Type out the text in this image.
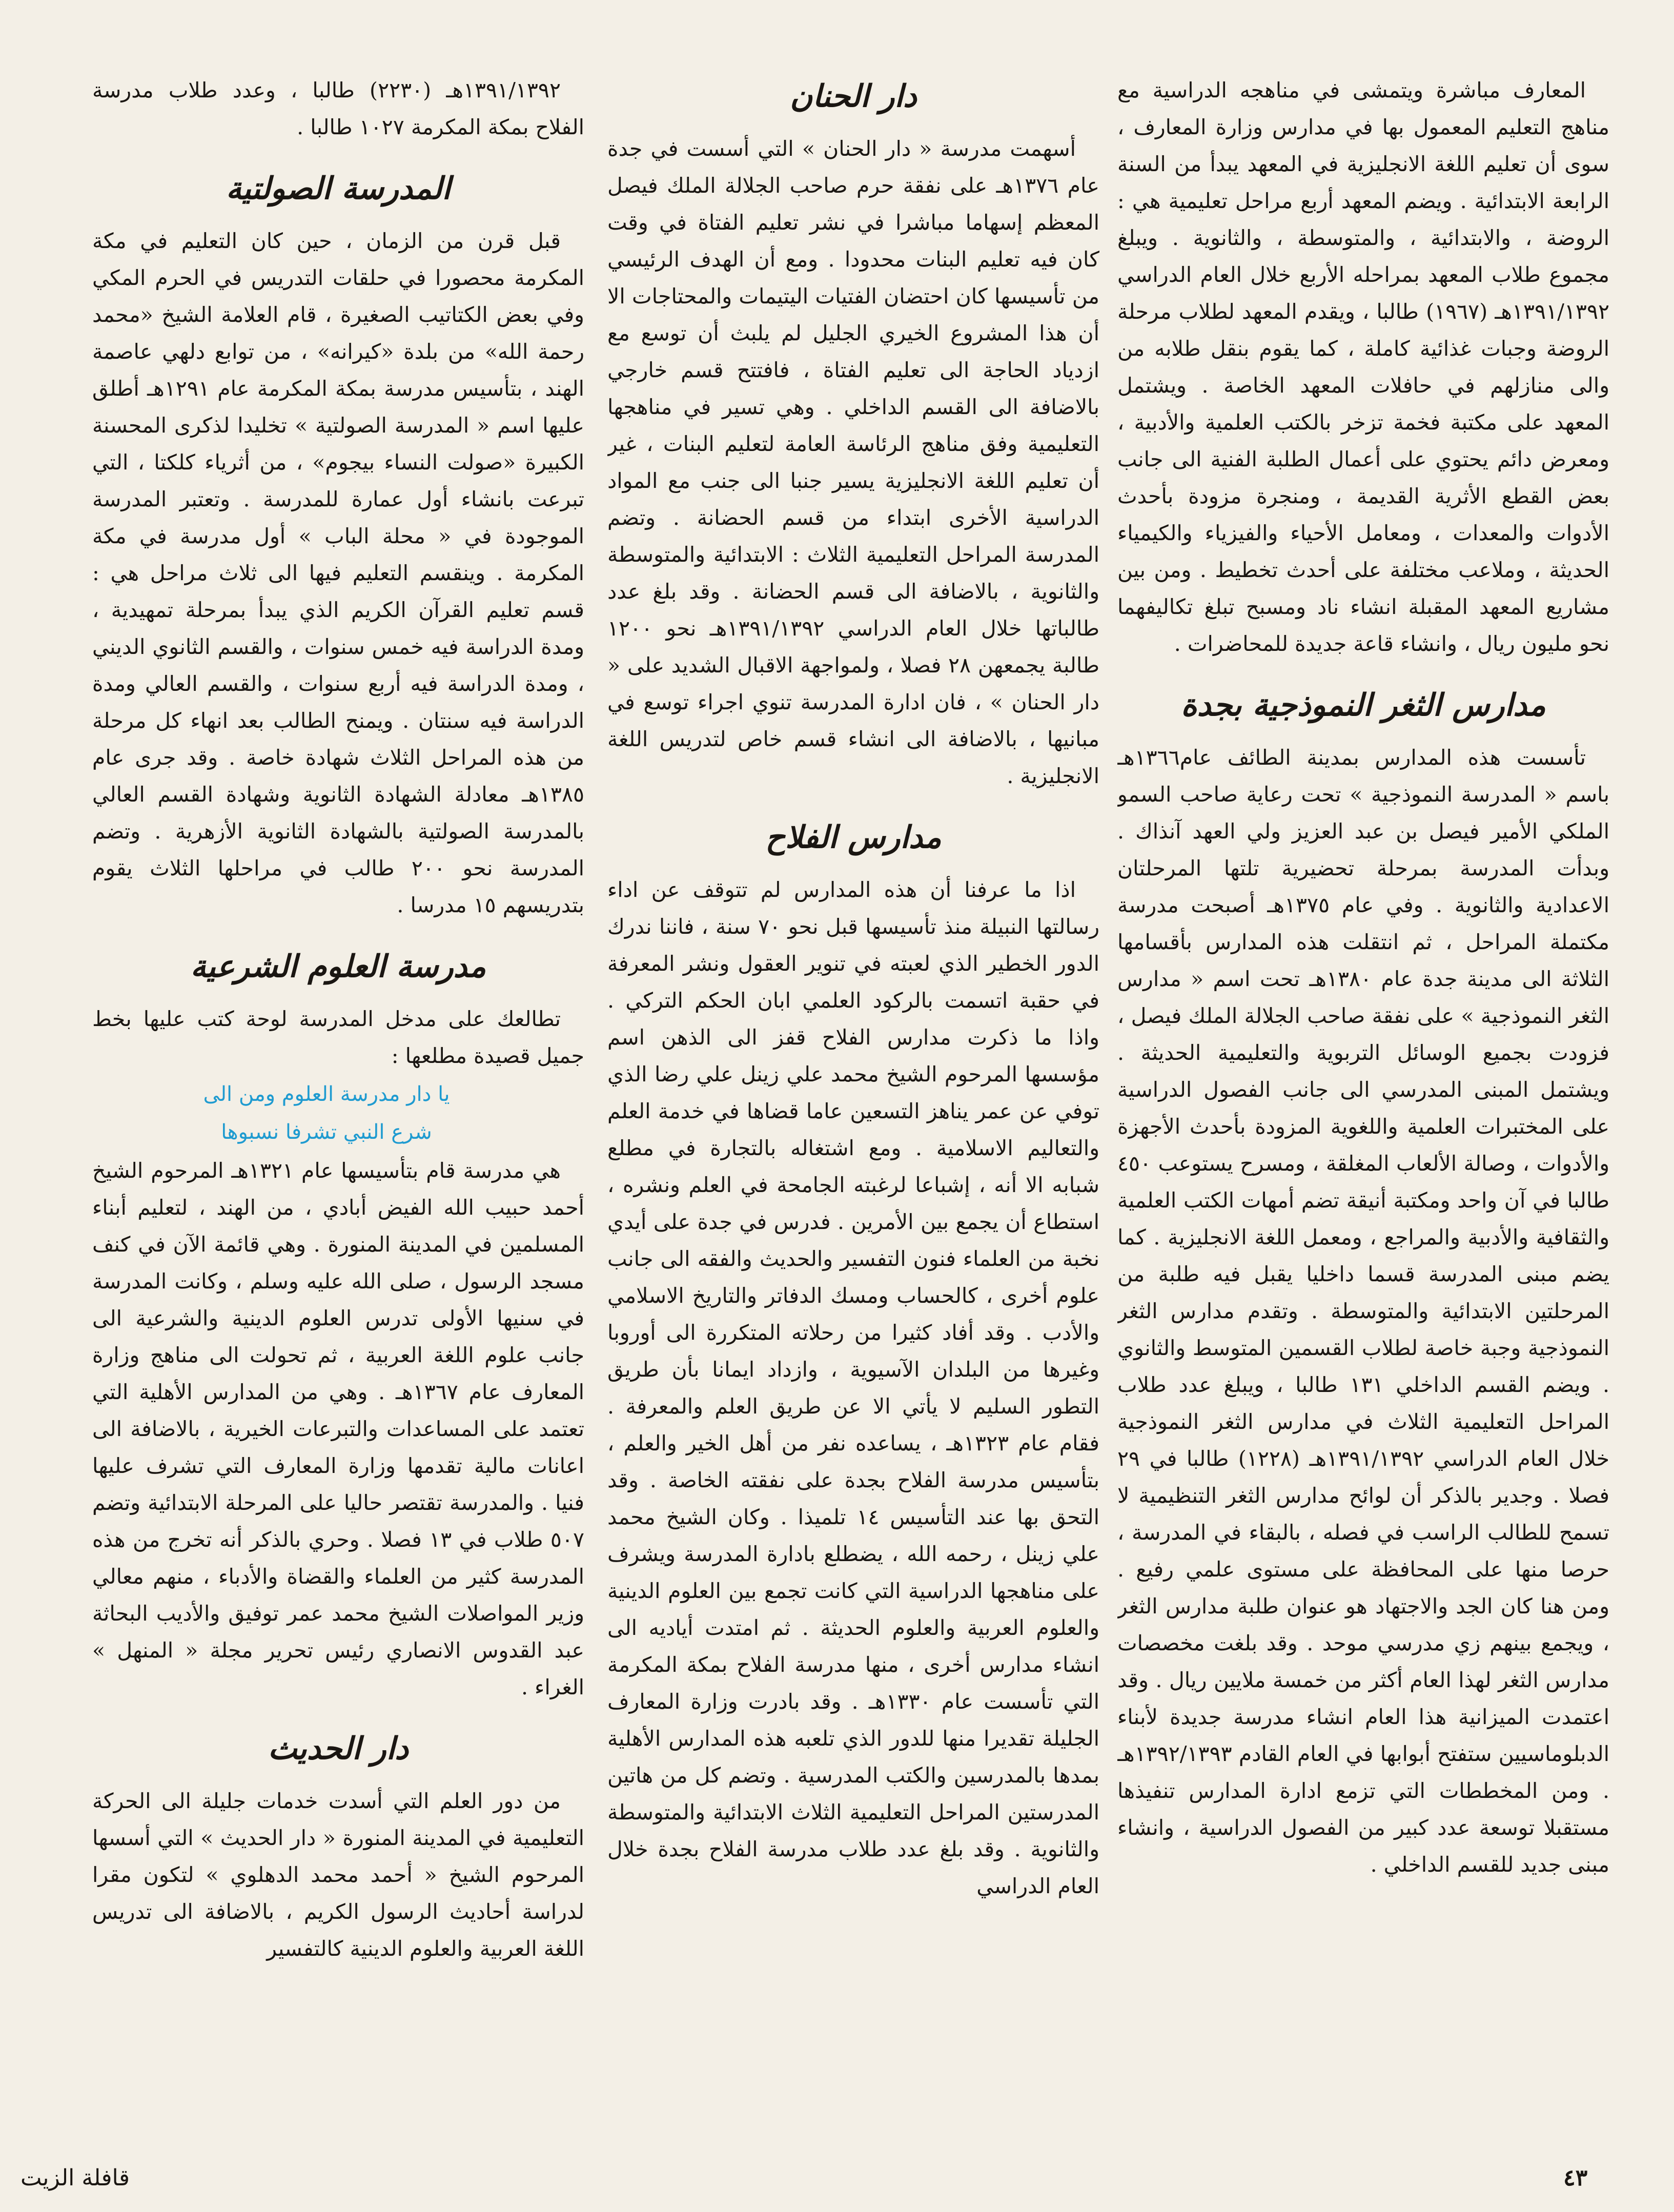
المعارف مباشرة ويتمشى في مناهجه الدراسية مع مناهج التعليم المعمول بها في مدارس وزارة المعارف ، سوى أن تعليم اللغة الانجليزية في المعهد يبدأ من السنة الرابعة الابتدائية . ويضم المعهد أربع مراحل تعليمية هي : الروضة ، والابتدائية ، والمتوسطة ، والثانوية . ويبلغ مجموع طلاب المعهد بمراحله الأربع خلال العام الدراسي ١٣٩١/١٣٩٢هـ (١٩٦٧) طالبا ، ويقدم المعهد لطلاب مرحلة الروضة وجبات غذائية كاملة ، كما يقوم بنقل طلابه من والى منازلهم في حافلات المعهد الخاصة . ويشتمل المعهد على مكتبة فخمة تزخر بالكتب العلمية والأدبية ، ومعرض دائم يحتوي على أعمال الطلبة الفنية الى جانب بعض القطع الأثرية القديمة ، ومنجرة مزودة بأحدث الأدوات والمعدات ، ومعامل الأحياء والفيزياء والكيمياء الحديثة ، وملاعب مختلفة على أحدث تخطيط . ومن بين مشاريع المعهد المقبلة انشاء ناد ومسبح تبلغ تكاليفهما نحو مليون ريال ، وانشاء قاعة جديدة للمحاضرات .

مدارس الثغر النموذجية بجدة

تأسست هذه المدارس بمدينة الطائف عام١٣٦٦هـ باسم « المدرسة النموذجية » تحت رعاية صاحب السمو الملكي الأمير فيصل بن عبد العزيز ولي العهد آنذاك . وبدأت المدرسة بمرحلة تحضيرية تلتها المرحلتان الاعدادية والثانوية . وفي عام ١٣٧٥هـ أصبحت مدرسة مكتملة المراحل ، ثم انتقلت هذه المدارس بأقسامها الثلاثة الى مدينة جدة عام ١٣٨٠هـ تحت اسم « مدارس الثغر النموذجية » على نفقة صاحب الجلالة الملك فيصل ، فزودت بجميع الوسائل التربوية والتعليمية الحديثة . ويشتمل المبنى المدرسي الى جانب الفصول الدراسية على المختبرات العلمية واللغوية المزودة بأحدث الأجهزة والأدوات ، وصالة الألعاب المغلقة ، ومسرح يستوعب ٤٥٠ طالبا في آن واحد ومكتبة أنيقة تضم أمهات الكتب العلمية والثقافية والأدبية والمراجع ، ومعمل اللغة الانجليزية . كما يضم مبنى المدرسة قسما داخليا يقبل فيه طلبة من المرحلتين الابتدائية والمتوسطة . وتقدم مدارس الثغر النموذجية وجبة خاصة لطلاب القسمين المتوسط والثانوي . ويضم القسم الداخلي ١٣١ طالبا ، ويبلغ عدد طلاب المراحل التعليمية الثلاث في مدارس الثغر النموذجية خلال العام الدراسي ١٣٩١/١٣٩٢هـ (١٢٢٨) طالبا في ٢٩ فصلا . وجدير بالذكر أن لوائح مدارس الثغر التنظيمية لا تسمح للطالب الراسب في فصله ، بالبقاء في المدرسة ، حرصا منها على المحافظة على مستوى علمي رفيع . ومن هنا كان الجد والاجتهاد هو عنوان طلبة مدارس الثغر ، ويجمع بينهم زي مدرسي موحد . وقد بلغت مخصصات مدارس الثغر لهذا العام أكثر من خمسة ملايين ريال . وقد اعتمدت الميزانية هذا العام انشاء مدرسة جديدة لأبناء الدبلوماسيين ستفتح أبوابها في العام القادم ١٣٩٢/١٣٩٣هـ . ومن المخططات التي تزمع ادارة المدارس تنفيذها مستقبلا توسعة عدد كبير من الفصول الدراسية ، وانشاء مبنى جديد للقسم الداخلي .

دار الحنان

أسهمت مدرسة « دار الحنان » التي أسست في جدة عام ١٣٧٦هـ على نفقة حرم صاحب الجلالة الملك فيصل المعظم إسهاما مباشرا في نشر تعليم الفتاة في وقت كان فيه تعليم البنات محدودا . ومع أن الهدف الرئيسي من تأسيسها كان احتضان الفتيات اليتيمات والمحتاجات الا أن هذا المشروع الخيري الجليل لم يلبث أن توسع مع ازدياد الحاجة الى تعليم الفتاة ، فافتتح قسم خارجي بالاضافة الى القسم الداخلي . وهي تسير في مناهجها التعليمية وفق مناهج الرئاسة العامة لتعليم البنات ، غير أن تعليم اللغة الانجليزية يسير جنبا الى جنب مع المواد الدراسية الأخرى ابتداء من قسم الحضانة . وتضم المدرسة المراحل التعليمية الثلاث : الابتدائية والمتوسطة والثانوية ، بالاضافة الى قسم الحضانة . وقد بلغ عدد طالباتها خلال العام الدراسي ١٣٩١/١٣٩٢هـ نحو ١٢٠٠ طالبة يجمعهن ٢٨ فصلا ، ولمواجهة الاقبال الشديد على « دار الحنان » ، فان ادارة المدرسة تنوي اجراء توسع في مبانيها ، بالاضافة الى انشاء قسم خاص لتدريس اللغة الانجليزية .

مدارس الفلاح

اذا ما عرفنا أن هذه المدارس لم تتوقف عن اداء رسالتها النبيلة منذ تأسيسها قبل نحو ٧٠ سنة ، فاننا ندرك الدور الخطير الذي لعبته في تنوير العقول ونشر المعرفة في حقبة اتسمت بالركود العلمي ابان الحكم التركي . واذا ما ذكرت مدارس الفلاح قفز الى الذهن اسم مؤسسها المرحوم الشيخ محمد علي زينل علي رضا الذي توفي عن عمر يناهز التسعين عاما قضاها في خدمة العلم والتعاليم الاسلامية . ومع اشتغاله بالتجارة في مطلع شبابه الا أنه ، إشباعا لرغبته الجامحة في العلم ونشره ، استطاع أن يجمع بين الأمرين . فدرس في جدة على أيدي نخبة من العلماء فنون التفسير والحديث والفقه الى جانب علوم أخرى ، كالحساب ومسك الدفاتر والتاريخ الاسلامي والأدب . وقد أفاد كثيرا من رحلاته المتكررة الى أوروبا وغيرها من البلدان الآسيوية ، وازداد ايمانا بأن طريق التطور السليم لا يأتي الا عن طريق العلم والمعرفة . فقام عام ١٣٢٣هـ ، يساعده نفر من أهل الخير والعلم ، بتأسيس مدرسة الفلاح بجدة على نفقته الخاصة . وقد التحق بها عند التأسيس ١٤ تلميذا . وكان الشيخ محمد علي زينل ، رحمه الله ، يضطلع بادارة المدرسة ويشرف على مناهجها الدراسية التي كانت تجمع بين العلوم الدينية والعلوم العربية والعلوم الحديثة . ثم امتدت أياديه الى انشاء مدارس أخرى ، منها مدرسة الفلاح بمكة المكرمة التي تأسست عام ١٣٣٠هـ . وقد بادرت وزارة المعارف الجليلة تقديرا منها للدور الذي تلعبه هذه المدارس الأهلية بمدها بالمدرسين والكتب المدرسية . وتضم كل من هاتين المدرستين المراحل التعليمية الثلاث الابتدائية والمتوسطة والثانوية . وقد بلغ عدد طلاب مدرسة الفلاح بجدة خلال العام الدراسي

١٣٩١/١٣٩٢هـ (٢٢٣٠) طالبا ، وعدد طلاب مدرسة الفلاح بمكة المكرمة ١٠٢٧ طالبا .

المدرسة الصولتية

قبل قرن من الزمان ، حين كان التعليم في مكة المكرمة محصورا في حلقات التدريس في الحرم المكي وفي بعض الكتاتيب الصغيرة ، قام العلامة الشيخ «محمد رحمة الله» من بلدة «كيرانه» ، من توابع دلهي عاصمة الهند ، بتأسيس مدرسة بمكة المكرمة عام ١٢٩١هـ أطلق عليها اسم « المدرسة الصولتية » تخليدا لذكرى المحسنة الكبيرة «صولت النساء بيجوم» ، من أثرياء كلكتا ، التي تبرعت بانشاء أول عمارة للمدرسة . وتعتبر المدرسة الموجودة في « محلة الباب » أول مدرسة في مكة المكرمة . وينقسم التعليم فيها الى ثلاث مراحل هي : قسم تعليم القرآن الكريم الذي يبدأ بمرحلة تمهيدية ، ومدة الدراسة فيه خمس سنوات ، والقسم الثانوي الديني ، ومدة الدراسة فيه أربع سنوات ، والقسم العالي ومدة الدراسة فيه سنتان . ويمنح الطالب بعد انهاء كل مرحلة من هذه المراحل الثلاث شهادة خاصة . وقد جرى عام ١٣٨٥هـ معادلة الشهادة الثانوية وشهادة القسم العالي بالمدرسة الصولتية بالشهادة الثانوية الأزهرية . وتضم المدرسة نحو ٢٠٠ طالب في مراحلها الثلاث يقوم بتدريسهم ١٥ مدرسا .

مدرسة العلوم الشرعية

تطالعك على مدخل المدرسة لوحة كتب عليها بخط جميل قصيدة مطلعها :

يا دار مدرسة العلوم ومن الى

شرع النبي تشرفا نسبوها

هي مدرسة قام بتأسيسها عام ١٣٢١هـ المرحوم الشيخ أحمد حبيب الله الفيض أبادي ، من الهند ، لتعليم أبناء المسلمين في المدينة المنورة . وهي قائمة الآن في كنف مسجد الرسول ، صلى الله عليه وسلم ، وكانت المدرسة في سنيها الأولى تدرس العلوم الدينية والشرعية الى جانب علوم اللغة العربية ، ثم تحولت الى مناهج وزارة المعارف عام ١٣٦٧هـ . وهي من المدارس الأهلية التي تعتمد على المساعدات والتبرعات الخيرية ، بالاضافة الى اعانات مالية تقدمها وزارة المعارف التي تشرف عليها فنيا . والمدرسة تقتصر حاليا على المرحلة الابتدائية وتضم ٥٠٧ طلاب في ١٣ فصلا . وحري بالذكر أنه تخرج من هذه المدرسة كثير من العلماء والقضاة والأدباء ، منهم معالي وزير المواصلات الشيخ محمد عمر توفيق والأديب البحاثة عبد القدوس الانصاري رئيس تحرير مجلة « المنهل » الغراء .

دار الحديث

من دور العلم التي أسدت خدمات جليلة الى الحركة التعليمية في المدينة المنورة « دار الحديث » التي أسسها المرحوم الشيخ « أحمد محمد الدهلوي » لتكون مقرا لدراسة أحاديث الرسول الكريم ، بالاضافة الى تدريس اللغة العربية والعلوم الدينية كالتفسير

٤٣
قافلة الزيت
